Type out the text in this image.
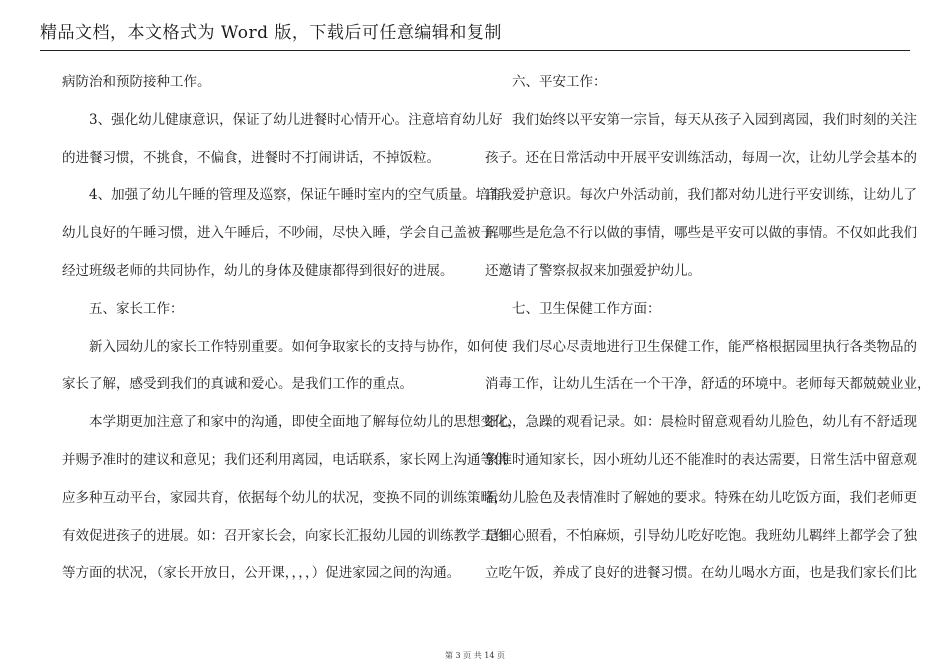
精品文档，本文格式为 Word 版，下载后可任意编辑和复制
病防治和预防接种工作。
3、强化幼儿健康意识，保证了幼儿进餐时心情开心。注意培育幼儿好
的进餐习惯，不挑食，不偏食，进餐时不打闹讲话，不掉饭粒。
4、加强了幼儿午睡的管理及巡察，保证午睡时室内的空气质量。培育
幼儿良好的午睡习惯，进入午睡后，不吵闹，尽快入睡，学会自己盖被子。
经过班级老师的共同协作，幼儿的身体及健康都得到很好的进展。
五、家长工作：
新入园幼儿的家长工作特别重要。如何争取家长的支持与协作，如何使
家长了解，感受到我们的真诚和爱心。是我们工作的重点。
本学期更加注意了和家中的沟通，即使全面地了解每位幼儿的思想变化，
并赐予准时的建议和意见；我们还利用离园，电话联系，家长网上沟通等供
应多种互动平台，家园共育，依据每个幼儿的状况，变换不同的训练策略，
有效促进孩子的进展。如：召开家长会，向家长汇报幼儿园的训练教学工作
等方面的状况，（家长开放日，公开课，，，，）促进家园之间的沟通。
六、平安工作：
我们始终以平安第一宗旨，每天从孩子入园到离园，我们时刻的关注
孩子。还在日常活动中开展平安训练活动，每周一次，让幼儿学会基本的
自我爱护意识。每次户外活动前，我们都对幼儿进行平安训练，让幼儿了
解哪些是危急不行以做的事情，哪些是平安可以做的事情。不仅如此我们
还邀请了警察叔叔来加强爱护幼儿。
七、卫生保健工作方面：
我们尽心尽责地进行卫生保健工作，能严格根据园里执行各类物品的
消毒工作，让幼儿生活在一个干净，舒适的环境中。老师每天都兢兢业业，
细心，急躁的观看记录。如：晨检时留意观看幼儿脸色，幼儿有不舒适现
象准时通知家长，因小班幼儿还不能准时的表达需要，日常生活中留意观
看幼儿脸色及表情准时了解她的要求。特殊在幼儿吃饭方面，我们老师更
是细心照看，不怕麻烦，引导幼儿吃好吃饱。我班幼儿羁绊上都学会了独
立吃午饭，养成了良好的进餐习惯。在幼儿喝水方面，也是我们家长们比
第 3 页 共 14 页
